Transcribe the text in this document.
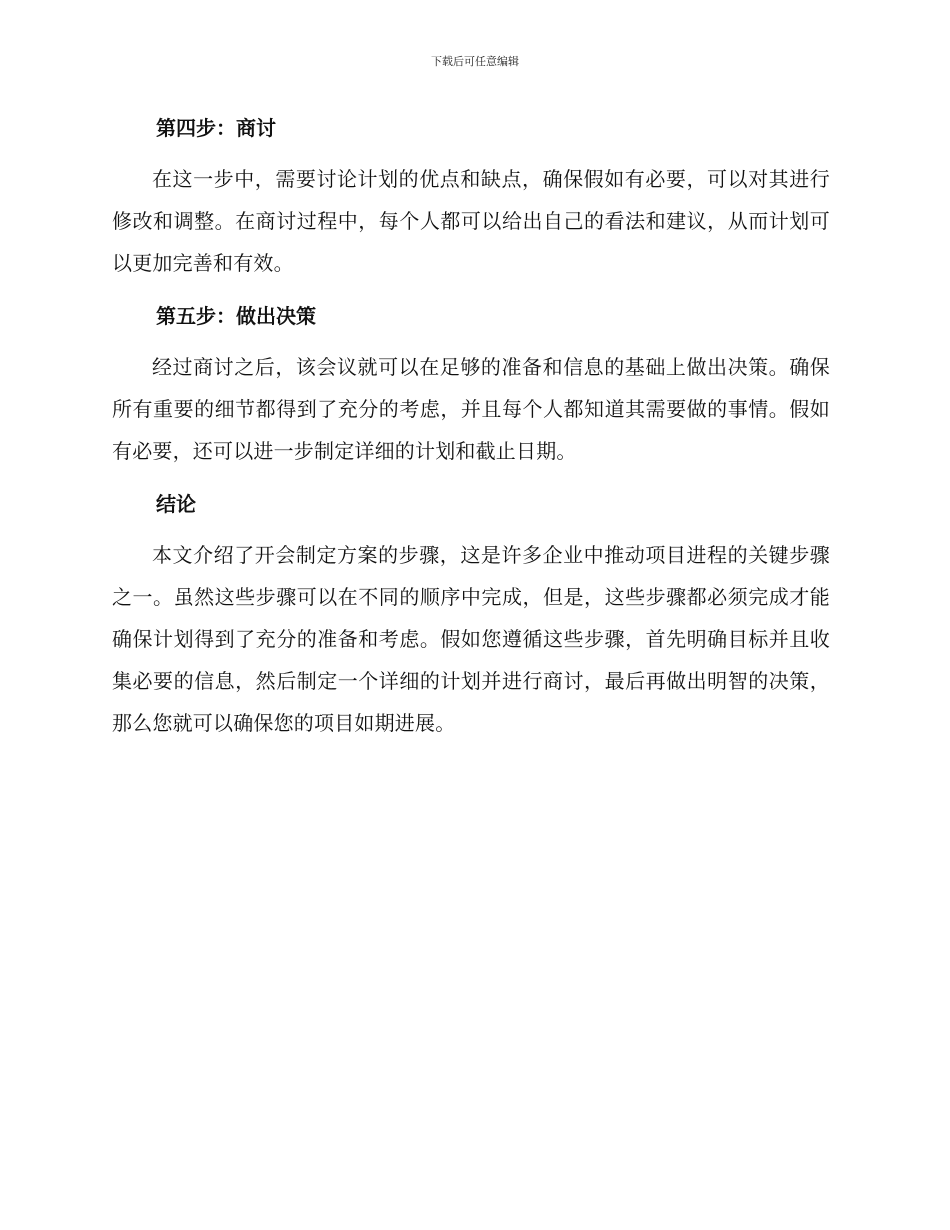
下载后可任意编辑
第四步：商讨

在这一步中，需要讨论计划的优点和缺点，确保假如有必要，可以对其进行修改和调整。在商讨过程中，每个人都可以给出自己的看法和建议，从而计划可以更加完善和有效。

第五步：做出决策

经过商讨之后，该会议就可以在足够的准备和信息的基础上做出决策。确保所有重要的细节都得到了充分的考虑，并且每个人都知道其需要做的事情。假如有必要，还可以进一步制定详细的计划和截止日期。

结论

本文介绍了开会制定方案的步骤，这是许多企业中推动项目进程的关键步骤之一。虽然这些步骤可以在不同的顺序中完成，但是，这些步骤都必须完成才能确保计划得到了充分的准备和考虑。假如您遵循这些步骤，首先明确目标并且收集必要的信息，然后制定一个详细的计划并进行商讨，最后再做出明智的决策，那么您就可以确保您的项目如期进展。
